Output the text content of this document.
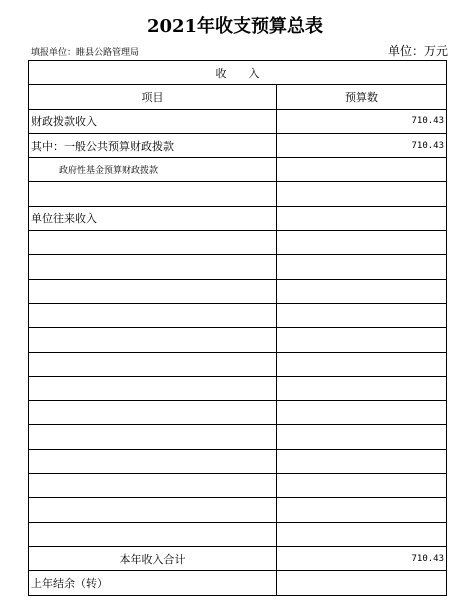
2021年收支预算总表
填报单位：睢县公路管理局	单位：万元
收　　入	
项目	预算数
财政拨款收入	710.43
其中：一般公共预算财政拨款	710.43
政府性基金预算财政拨款	

单位往来收入	

本年收入合计	710.43
上年结余（转）	
